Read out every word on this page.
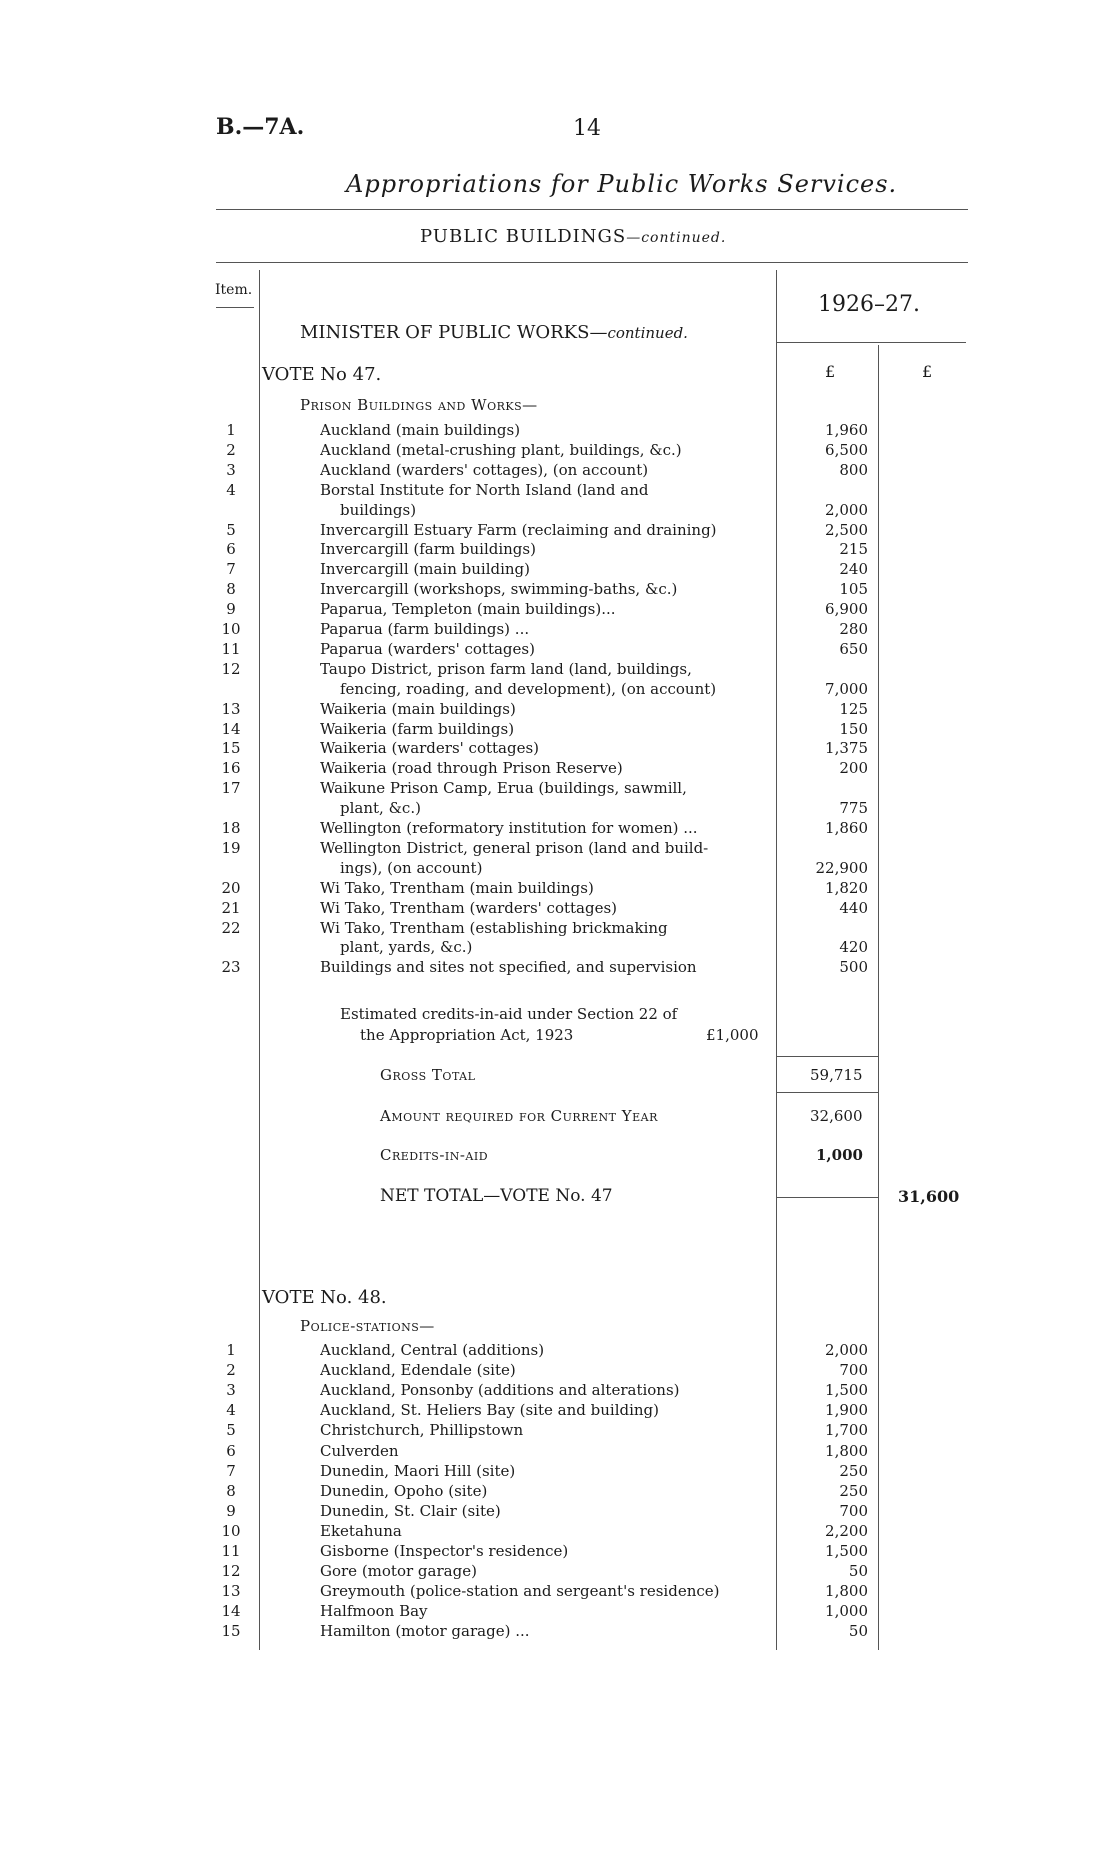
B.—7A.	14
Appropriations for Public Works Services.
PUBLIC BUILDINGS—continued.
Item.
1926–27.
MINISTER OF PUBLIC WORKS—continued.
£	£
VOTE No 47.
Prison Buildings and Works—
1	Auckland (main buildings)	1,960
2	Auckland (metal-crushing plant, buildings, &c.)	6,500
3	Auckland (warders' cottages), (on account)	800
4	Borstal Institute for North Island (land and
buildings)	2,000
5	Invercargill Estuary Farm (reclaiming and draining)	2,500
6	Invercargill (farm buildings)	215
7	Invercargill (main building)	240
8	Invercargill (workshops, swimming-baths, &c.)	105
9	Paparua, Templeton (main buildings)...	6,900
10	Paparua (farm buildings) ...	280
11	Paparua (warders' cottages)	650
12	Taupo District, prison farm land (land, buildings,
fencing, roading, and development), (on account)	7,000
13	Waikeria (main buildings)	125
14	Waikeria (farm buildings)	150
15	Waikeria (warders' cottages)	1,375
16	Waikeria (road through Prison Reserve)	200
17	Waikune Prison Camp, Erua (buildings, sawmill,
plant, &c.)	775
18	Wellington (reformatory institution for women) ...	1,860
19	Wellington District, general prison (land and build-
ings), (on account)	22,900
20	Wi Tako, Trentham (main buildings)	1,820
21	Wi Tako, Trentham (warders' cottages)	440
22	Wi Tako, Trentham (establishing brickmaking
plant, yards, &c.)	420
23	Buildings and sites not specified, and supervision	500
Estimated credits-in-aid under Section 22 of
the Appropriation Act, 1923	£1,000
Gross Total	59,715
Amount required for Current Year	32,600
Credits-in-aid	1,000
NET TOTAL—VOTE No. 47	31,600
VOTE No. 48.
Police-stations—
1	Auckland, Central (additions)	2,000
2	Auckland, Edendale (site)	700
3	Auckland, Ponsonby (additions and alterations)	1,500
4	Auckland, St. Heliers Bay (site and building)	1,900
5	Christchurch, Phillipstown	1,700
6	Culverden	1,800
7	Dunedin, Maori Hill (site)	250
8	Dunedin, Opoho (site)	250
9	Dunedin, St. Clair (site)	700
10	Eketahuna	2,200
11	Gisborne (Inspector's residence)	1,500
12	Gore (motor garage)	50
13	Greymouth (police-station and sergeant's residence)	1,800
14	Halfmoon Bay	1,000
15	Hamilton (motor garage) ...	50
